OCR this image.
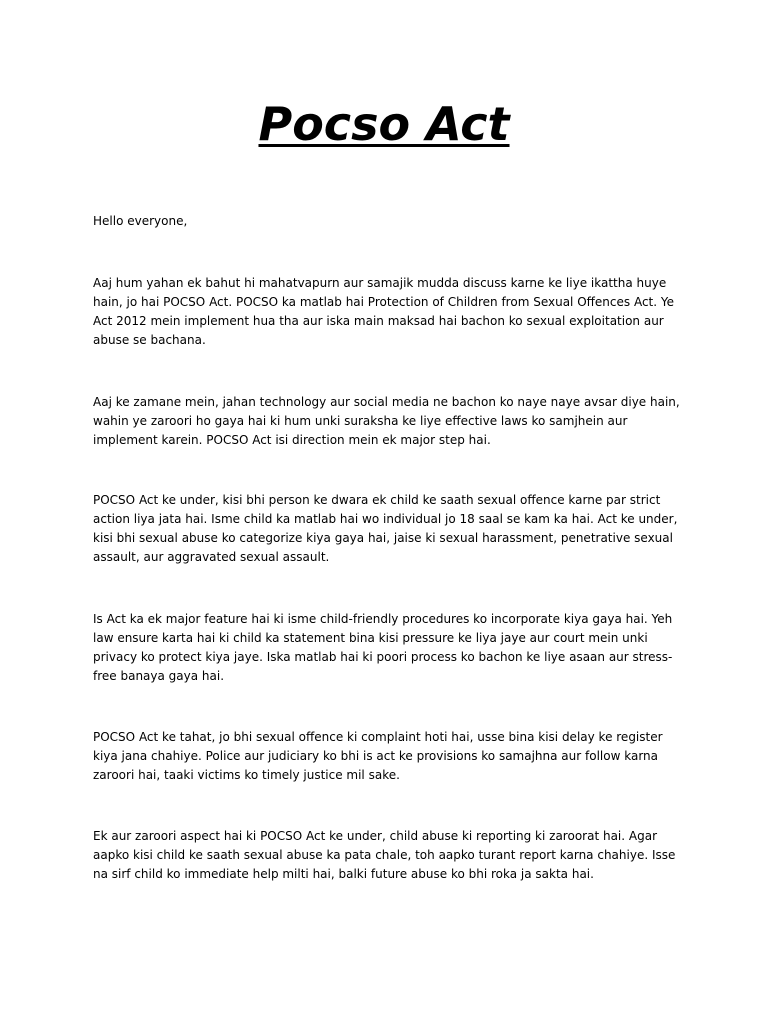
Pocso Act

Hello everyone,

Aaj hum yahan ek bahut hi mahatvapurn aur samajik mudda discuss karne ke liye ikattha huye hain, jo hai POCSO Act. POCSO ka matlab hai Protection of Children from Sexual Offences Act. Ye Act 2012 mein implement hua tha aur iska main maksad hai bachon ko sexual exploitation aur abuse se bachana.

Aaj ke zamane mein, jahan technology aur social media ne bachon ko naye naye avsar diye hain, wahin ye zaroori ho gaya hai ki hum unki suraksha ke liye effective laws ko samjhein aur implement karein. POCSO Act isi direction mein ek major step hai.

POCSO Act ke under, kisi bhi person ke dwara ek child ke saath sexual offence karne par strict action liya jata hai. Isme child ka matlab hai wo individual jo 18 saal se kam ka hai. Act ke under, kisi bhi sexual abuse ko categorize kiya gaya hai, jaise ki sexual harassment, penetrative sexual assault, aur aggravated sexual assault.

Is Act ka ek major feature hai ki isme child-friendly procedures ko incorporate kiya gaya hai. Yeh law ensure karta hai ki child ka statement bina kisi pressure ke liya jaye aur court mein unki privacy ko protect kiya jaye. Iska matlab hai ki poori process ko bachon ke liye asaan aur stress-free banaya gaya hai.

POCSO Act ke tahat, jo bhi sexual offence ki complaint hoti hai, usse bina kisi delay ke register kiya jana chahiye. Police aur judiciary ko bhi is act ke provisions ko samajhna aur follow karna zaroori hai, taaki victims ko timely justice mil sake.

Ek aur zaroori aspect hai ki POCSO Act ke under, child abuse ki reporting ki zaroorat hai. Agar aapko kisi child ke saath sexual abuse ka pata chale, toh aapko turant report karna chahiye. Isse na sirf child ko immediate help milti hai, balki future abuse ko bhi roka ja sakta hai.
